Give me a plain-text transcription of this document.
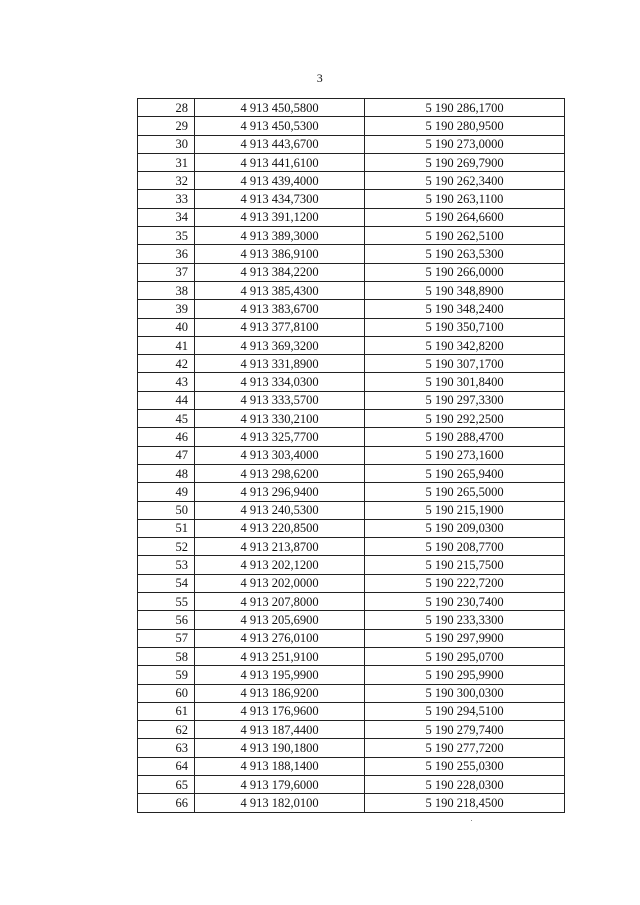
3
28	4 913 450,5800	5 190 286,1700
29	4 913 450,5300	5 190 280,9500
30	4 913 443,6700	5 190 273,0000
31	4 913 441,6100	5 190 269,7900
32	4 913 439,4000	5 190 262,3400
33	4 913 434,7300	5 190 263,1100
34	4 913 391,1200	5 190 264,6600
35	4 913 389,3000	5 190 262,5100
36	4 913 386,9100	5 190 263,5300
37	4 913 384,2200	5 190 266,0000
38	4 913 385,4300	5 190 348,8900
39	4 913 383,6700	5 190 348,2400
40	4 913 377,8100	5 190 350,7100
41	4 913 369,3200	5 190 342,8200
42	4 913 331,8900	5 190 307,1700
43	4 913 334,0300	5 190 301,8400
44	4 913 333,5700	5 190 297,3300
45	4 913 330,2100	5 190 292,2500
46	4 913 325,7700	5 190 288,4700
47	4 913 303,4000	5 190 273,1600
48	4 913 298,6200	5 190 265,9400
49	4 913 296,9400	5 190 265,5000
50	4 913 240,5300	5 190 215,1900
51	4 913 220,8500	5 190 209,0300
52	4 913 213,8700	5 190 208,7700
53	4 913 202,1200	5 190 215,7500
54	4 913 202,0000	5 190 222,7200
55	4 913 207,8000	5 190 230,7400
56	4 913 205,6900	5 190 233,3300
57	4 913 276,0100	5 190 297,9900
58	4 913 251,9100	5 190 295,0700
59	4 913 195,9900	5 190 295,9900
60	4 913 186,9200	5 190 300,0300
61	4 913 176,9600	5 190 294,5100
62	4 913 187,4400	5 190 279,7400
63	4 913 190,1800	5 190 277,7200
64	4 913 188,1400	5 190 255,0300
65	4 913 179,6000	5 190 228,0300
66	4 913 182,0100	5 190 218,4500
